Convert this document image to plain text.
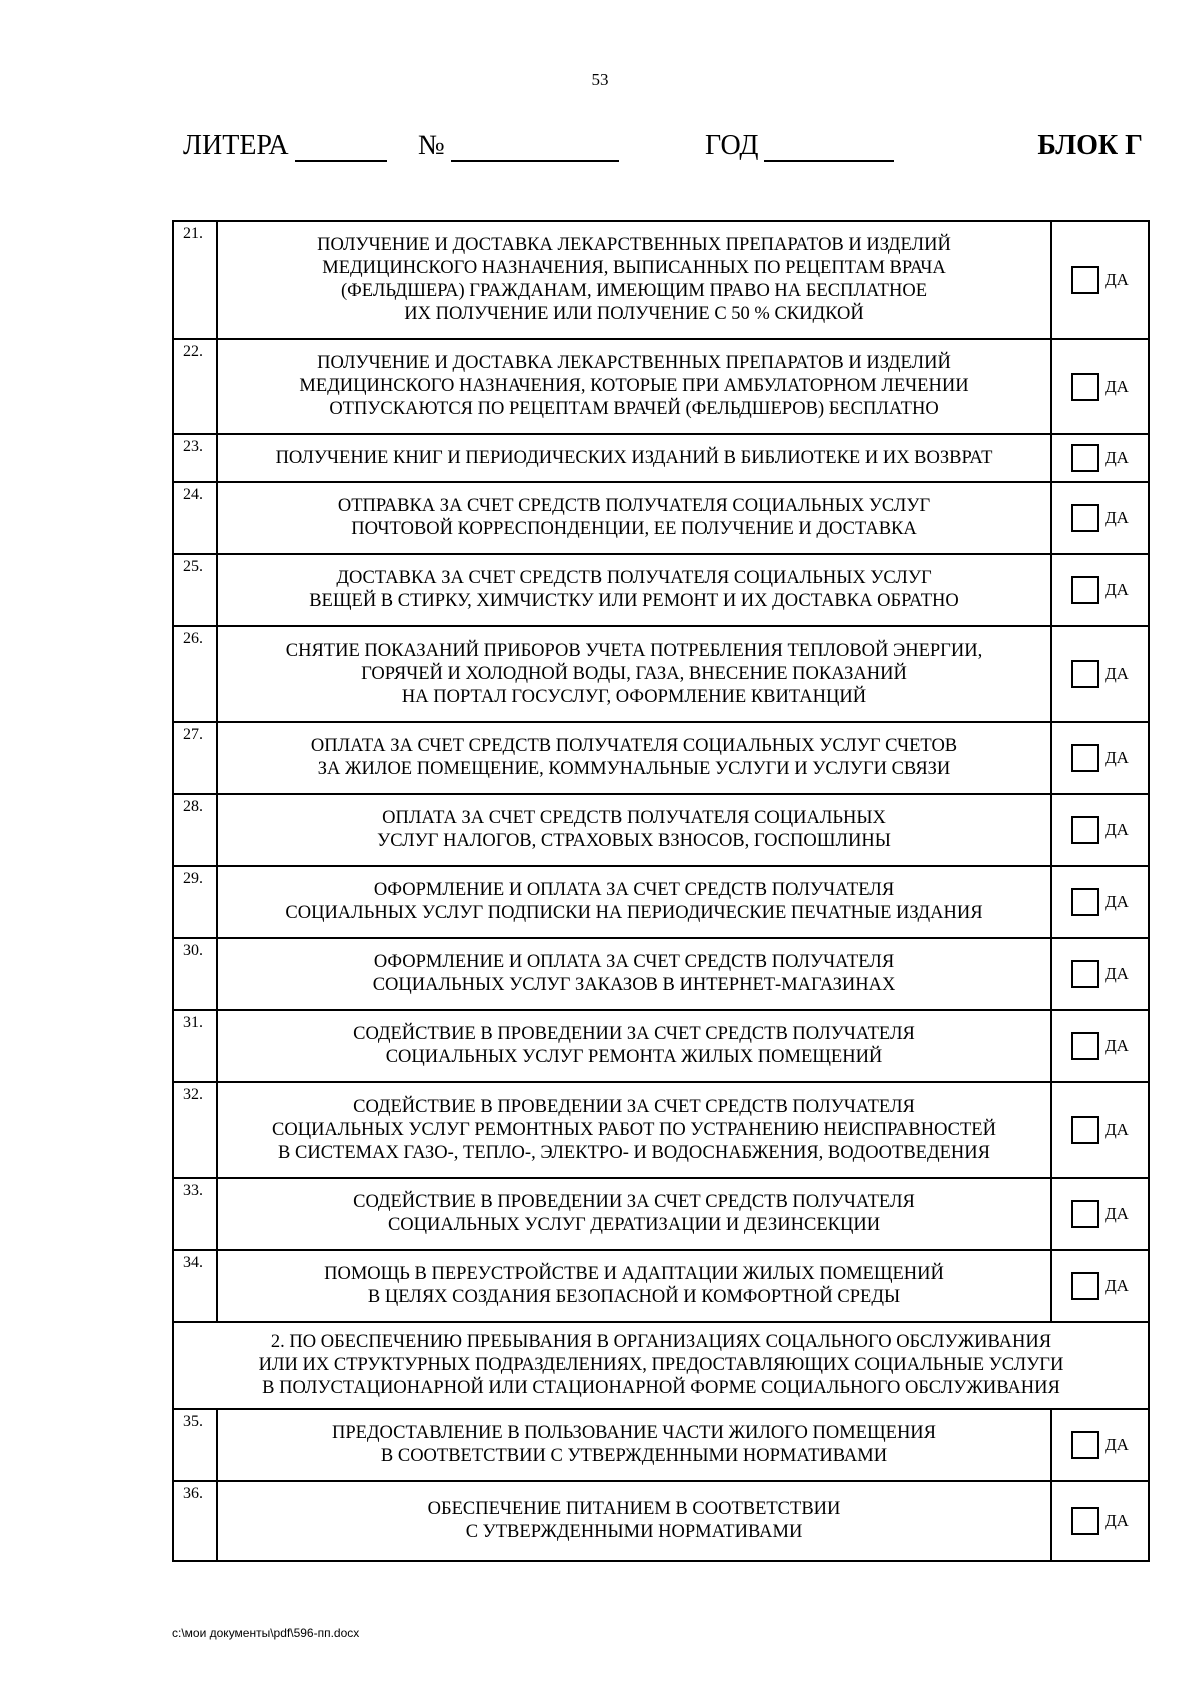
53
ЛИТЕРА	№	ГОД	БЛОК Г
21.	ПОЛУЧЕНИЕ И ДОСТАВКА ЛЕКАРСТВЕННЫХ ПРЕПАРАТОВ И ИЗДЕЛИЙ
МЕДИЦИНСКОГО НАЗНАЧЕНИЯ, ВЫПИСАННЫХ ПО РЕЦЕПТАМ ВРАЧА
(ФЕЛЬДШЕРА) ГРАЖДАНАМ, ИМЕЮЩИМ ПРАВО НА БЕСПЛАТНОЕ
ИХ ПОЛУЧЕНИЕ ИЛИ ПОЛУЧЕНИЕ С 50 % СКИДКОЙ	ДА

22.	ПОЛУЧЕНИЕ И ДОСТАВКА ЛЕКАРСТВЕННЫХ ПРЕПАРАТОВ И ИЗДЕЛИЙ
МЕДИЦИНСКОГО НАЗНАЧЕНИЯ, КОТОРЫЕ ПРИ АМБУЛАТОРНОМ ЛЕЧЕНИИ
ОТПУСКАЮТСЯ ПО РЕЦЕПТАМ ВРАЧЕЙ (ФЕЛЬДШЕРОВ) БЕСПЛАТНО	ДА

23.	ПОЛУЧЕНИЕ КНИГ И ПЕРИОДИЧЕСКИХ ИЗДАНИЙ В БИБЛИОТЕКЕ И ИХ ВОЗВРАТ	ДА

24.	ОТПРАВКА ЗА СЧЕТ СРЕДСТВ ПОЛУЧАТЕЛЯ СОЦИАЛЬНЫХ УСЛУГ
ПОЧТОВОЙ КОРРЕСПОНДЕНЦИИ, ЕЕ ПОЛУЧЕНИЕ И ДОСТАВКА	ДА

25.	ДОСТАВКА ЗА СЧЕТ СРЕДСТВ ПОЛУЧАТЕЛЯ СОЦИАЛЬНЫХ УСЛУГ
ВЕЩЕЙ В СТИРКУ, ХИМЧИСТКУ ИЛИ РЕМОНТ И ИХ ДОСТАВКА ОБРАТНО	ДА

26.	СНЯТИЕ ПОКАЗАНИЙ ПРИБОРОВ УЧЕТА ПОТРЕБЛЕНИЯ ТЕПЛОВОЙ ЭНЕРГИИ,
ГОРЯЧЕЙ И ХОЛОДНОЙ ВОДЫ, ГАЗА, ВНЕСЕНИЕ ПОКАЗАНИЙ
НА ПОРТАЛ ГОСУСЛУГ, ОФОРМЛЕНИЕ КВИТАНЦИЙ	ДА

27.	ОПЛАТА ЗА СЧЕТ СРЕДСТВ ПОЛУЧАТЕЛЯ СОЦИАЛЬНЫХ УСЛУГ СЧЕТОВ
ЗА ЖИЛОЕ ПОМЕЩЕНИЕ, КОММУНАЛЬНЫЕ УСЛУГИ И УСЛУГИ СВЯЗИ	ДА

28.	ОПЛАТА ЗА СЧЕТ СРЕДСТВ ПОЛУЧАТЕЛЯ СОЦИАЛЬНЫХ
УСЛУГ НАЛОГОВ, СТРАХОВЫХ ВЗНОСОВ, ГОСПОШЛИНЫ	ДА

29.	ОФОРМЛЕНИЕ И ОПЛАТА ЗА СЧЕТ СРЕДСТВ ПОЛУЧАТЕЛЯ
СОЦИАЛЬНЫХ УСЛУГ ПОДПИСКИ НА ПЕРИОДИЧЕСКИЕ ПЕЧАТНЫЕ ИЗДАНИЯ	ДА

30.	ОФОРМЛЕНИЕ И ОПЛАТА ЗА СЧЕТ СРЕДСТВ ПОЛУЧАТЕЛЯ
СОЦИАЛЬНЫХ УСЛУГ ЗАКАЗОВ В ИНТЕРНЕТ-МАГАЗИНАХ	ДА

31.	СОДЕЙСТВИЕ В ПРОВЕДЕНИИ ЗА СЧЕТ СРЕДСТВ ПОЛУЧАТЕЛЯ
СОЦИАЛЬНЫХ УСЛУГ РЕМОНТА ЖИЛЫХ ПОМЕЩЕНИЙ	ДА

32.	СОДЕЙСТВИЕ В ПРОВЕДЕНИИ ЗА СЧЕТ СРЕДСТВ ПОЛУЧАТЕЛЯ
СОЦИАЛЬНЫХ УСЛУГ РЕМОНТНЫХ РАБОТ ПО УСТРАНЕНИЮ НЕИСПРАВНОСТЕЙ
В СИСТЕМАХ ГАЗО-, ТЕПЛО-, ЭЛЕКТРО- И ВОДОСНАБЖЕНИЯ, ВОДООТВЕДЕНИЯ	ДА

33.	СОДЕЙСТВИЕ В ПРОВЕДЕНИИ ЗА СЧЕТ СРЕДСТВ ПОЛУЧАТЕЛЯ
СОЦИАЛЬНЫХ УСЛУГ ДЕРАТИЗАЦИИ И ДЕЗИНСЕКЦИИ	ДА

34.	ПОМОЩЬ В ПЕРЕУСТРОЙСТВЕ И АДАПТАЦИИ ЖИЛЫХ ПОМЕЩЕНИЙ
В ЦЕЛЯХ СОЗДАНИЯ БЕЗОПАСНОЙ И КОМФОРТНОЙ СРЕДЫ	ДА

2. ПО ОБЕСПЕЧЕНИЮ ПРЕБЫВАНИЯ В ОРГАНИЗАЦИЯХ СОЦАЛЬНОГО ОБСЛУЖИВАНИЯ
ИЛИ ИХ СТРУКТУРНЫХ ПОДРАЗДЕЛЕНИЯХ, ПРЕДОСТАВЛЯЮЩИХ СОЦИАЛЬНЫЕ УСЛУГИ
В ПОЛУСТАЦИОНАРНОЙ ИЛИ СТАЦИОНАРНОЙ ФОРМЕ СОЦИАЛЬНОГО ОБСЛУЖИВАНИЯ		

35.	ПРЕДОСТАВЛЕНИЕ В ПОЛЬЗОВАНИЕ ЧАСТИ ЖИЛОГО ПОМЕЩЕНИЯ
В СООТВЕТСТВИИ С УТВЕРЖДЕННЫМИ НОРМАТИВАМИ	ДА

36.	ОБЕСПЕЧЕНИЕ ПИТАНИЕМ В СООТВЕТСТВИИ
С УТВЕРЖДЕННЫМИ НОРМАТИВАМИ	ДА
c:\мои документы\pdf\596-пп.docx
